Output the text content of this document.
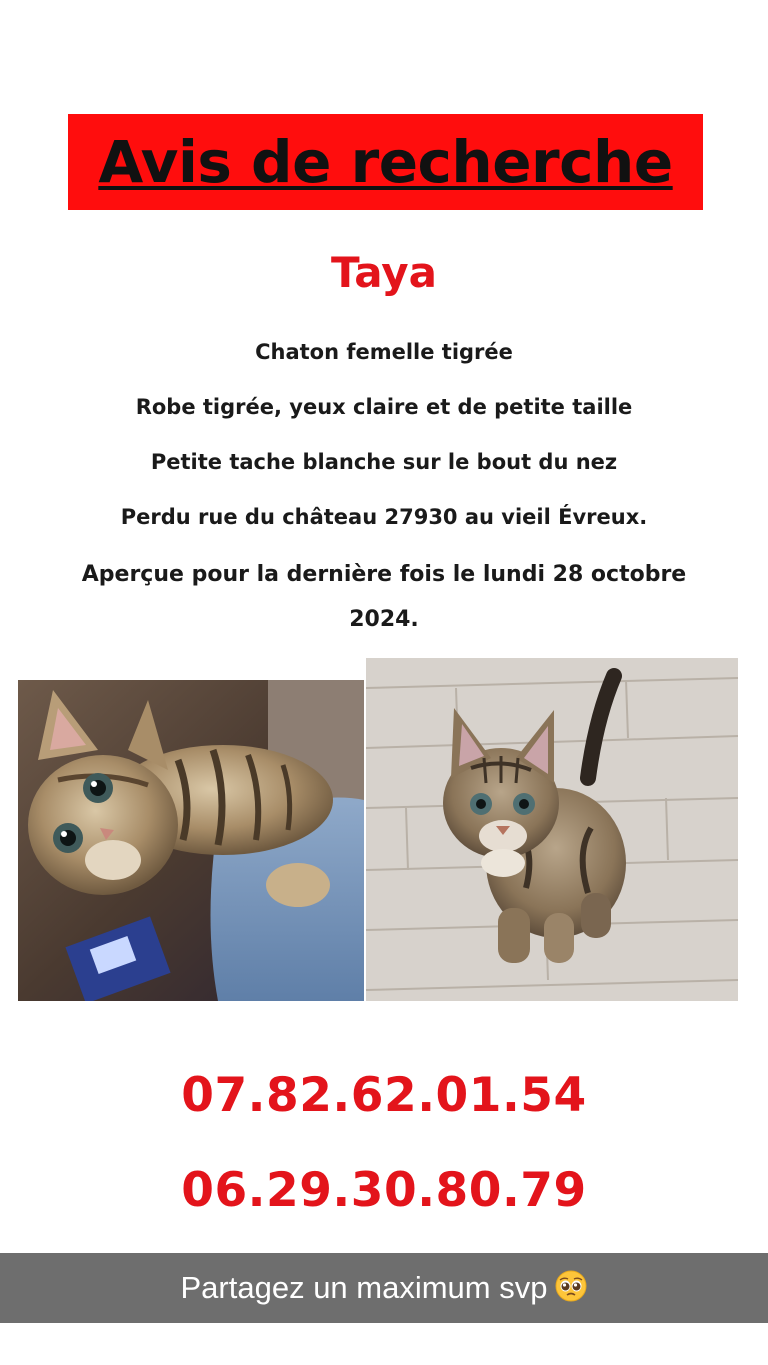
Avis de recherche
Taya
Chaton femelle tigrée
Robe tigrée, yeux claire et de petite taille
Petite tache blanche sur le bout du nez
Perdu rue du château 27930 au vieil Évreux.
Aperçue pour la dernière fois le lundi 28 octobre
2024.
07.82.62.01.54
06.29.30.80.79
Partagez un maximum svp
